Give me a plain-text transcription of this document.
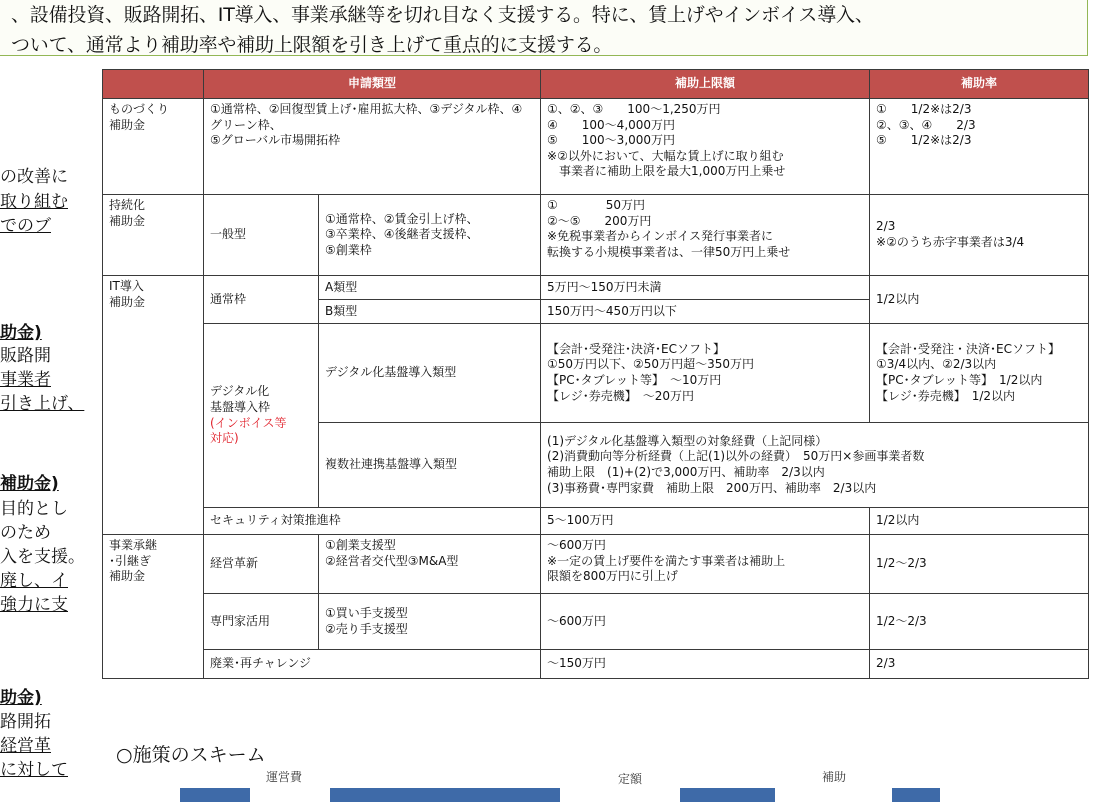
、設備投資、販路開拓、IT導入、事業承継等を切れ目なく支援する。特に、賃上げやインボイス導入、

ついて、通常より補助率や補助上限額を引き上げて重点的に支援する。

の改善に
取り組む
でのブ
助金)
販路開
事業者
引き上げ、
補助金)
目的とし
のため
入を支援。
廃し、イ
強力に支
助金)
路開拓
経営革
に対して
	申請類型		補助上限額	補助率
ものづくり
補助金	①通常枠、②回復型賃上げ･雇用拡大枠、③デジタル枠、④グリーン枠、
⑤グローバル市場開拓枠		①、②、③　　100～1,250万円
④　　100～4,000万円
⑤　　100～3,000万円
※②以外において、大幅な賃上げに取り組む
　事業者に補助上限を最大1,000万円上乗せ	①　　1/2※は2/3
②、③、④　　2/3
⑤　　1/2※は2/3
持続化
補助金	一般型	①通常枠、②賃金引上げ枠、
③卒業枠、④後継者支援枠、
⑤創業枠	①　　　　50万円
②～⑤　　200万円
※免税事業者からインボイス発行事業者に
転換する小規模事業者は、一律50万円上乗せ	2/3
※②のうち赤字事業者は3/4
IT導入
補助金	通常枠	A類型	5万円～150万円未満	1/2以内
		B類型	150万円～450万円以下	
	デジタル化
基盤導入枠
(インボイス等
対応)	デジタル化基盤導入類型	【会計･受発注･決済･ECソフト】
①50万円以下、②50万円超～350万円
【PC･タブレット等】　～10万円
【レジ･券売機】　～20万円	【会計･受発注・決済･ECソフト】
①3/4以内、②2/3以内
【PC･タブレット等】　1/2以内
【レジ･券売機】　1/2以内
		複数社連携基盤導入類型	(1)デジタル化基盤導入類型の対象経費（上記同様）
(2)消費動向等分析経費（上記(1)以外の経費）　50万円×参画事業者数
補助上限　(1)+(2)で3,000万円、補助率　2/3以内
(3)事務費･専門家費　補助上限　200万円、補助率　2/3以内	
	セキュリティ対策推進枠		5～100万円	1/2以内
事業承継
･引継ぎ
補助金	経営革新	①創業支援型
②経営者交代型③M&A型	～600万円
※一定の賃上げ要件を満たす事業者は補助上
限額を800万円に引上げ	1/2～2/3
	専門家活用	①買い手支援型
②売り手支援型	～600万円	1/2～2/3
	廃業･再チャレンジ		～150万円	2/3
○施策のスキーム
運営費	定額	補助
